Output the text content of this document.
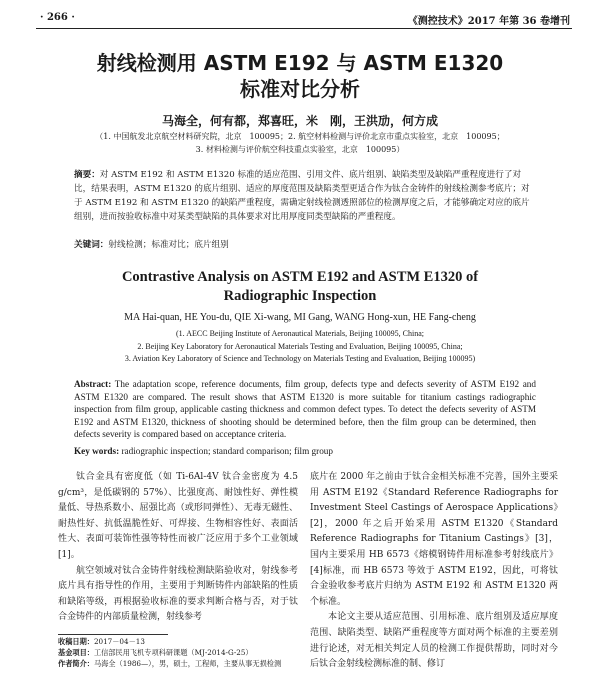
· 266 ·	《测控技术》2017 年第 36 卷增刊
射线检测用 ASTM E192 与 ASTM E1320
标准对比分析
马海全，何有都，郑喜旺，米　刚，王洪劢，何方成
（1. 中国航发北京航空材料研究院，北京　100095；2. 航空材料检测与评价北京市重点实验室，北京　100095；
3. 材料检测与评价航空科技重点实验室，北京　100095）
摘要：对 ASTM E192 和 ASTM E1320 标准的适应范围、引用文件、底片组别、缺陷类型及缺陷严重程度进行了对比，结果表明，ASTM E1320 的底片组别、适应的厚度范围及缺陷类型更适合作为钛合金铸件的射线检测参考底片；对于 ASTM E192 和 ASTM E1320 的缺陷严重程度，需确定射线检测透照部位的检测厚度之后，才能够确定对应的底片组别，进而按验收标准中对某类型缺陷的具体要求对比用厚度同类型缺陷的严重程度。
关键词：射线检测；标准对比；底片组别
Contrastive Analysis on ASTM E192 and ASTM E1320 of
Radiographic Inspection
MA Hai-quan, HE You-du, QIE Xi-wang, MI Gang, WANG Hong-xun, HE Fang-cheng
(1. AECC Beijing Institute of Aeronautical Materials, Beijing 100095, China;
2. Beijing Key Laboratory for Aeronautical Materials Testing and Evaluation, Beijing 100095, China;
3. Aviation Key Laboratory of Science and Technology on Materials Testing and Evaluation, Beijing 100095)
Abstract: The adaptation scope, reference documents, film group, defects type and defects severity of ASTM E192 and ASTM E1320 are compared. The result shows that ASTM E1320 is more suitable for titanium castings radiographic inspection from film group, applicable casting thickness and common defect types. To detect the defects severity of ASTM E192 and ASTM E1320, thickness of shooting should be determined before, then the film group can be determined, then defects severity is compared based on acceptance criteria.
Key words: radiographic inspection; standard comparison; film group

钛合金具有密度低（如 Ti-6Al-4V 钛合金密度为 4.5 g/cm³，是低碳钢的 57%）、比强度高、耐蚀性好、弹性模量低、导热系数小、屈强比高（或形同弹性）、无毒无磁性、耐热性好、抗低温脆性好、可焊接、生物相容性好、表面活性大、表面可装饰性强等特性而被广泛应用于多个工业领域[1]。

航空领域对钛合金铸件射线检测缺陷验收对，射线参考底片具有指导性的作用，主要用于判断铸件内部缺陷的性质和缺陷等级，再根据验收标准的要求判断合格与否，对于钛合金铸件的内部质量检测，射线参考

底片在 2000 年之前由于钛合金相关标准不完善，国外主要采用 ASTM E192《Standard Reference Radiographs for Investment Steel Castings of Aerospace Applications》[2]，2000 年之后开始采用 ASTM E1320《Standard Reference Radiographs for Titanium Castings》[3]，国内主要采用 HB 6573《熔模钢铸件用标准参考射线底片》[4]标准，而 HB 6573 等效于 ASTM E192，因此，可将钛合金验收参考底片归纳为 ASTM E192 和 ASTM E1320 两个标准。

本论文主要从适应范围、引用标准、底片组别及适应厚度范围、缺陷类型、缺陷严重程度等方面对两个标准的主要差别进行论述，对无相关判定人员的检测工作提供帮助，同时对今后钛合金射线检测标准的制、修订

收稿日期：2017－04－13
基金项目：工信部民用飞机专项科研课题（MJ-2014-G-25）
作者简介：马海全（1986—），男，硕士，工程师，主要从事无损检测
